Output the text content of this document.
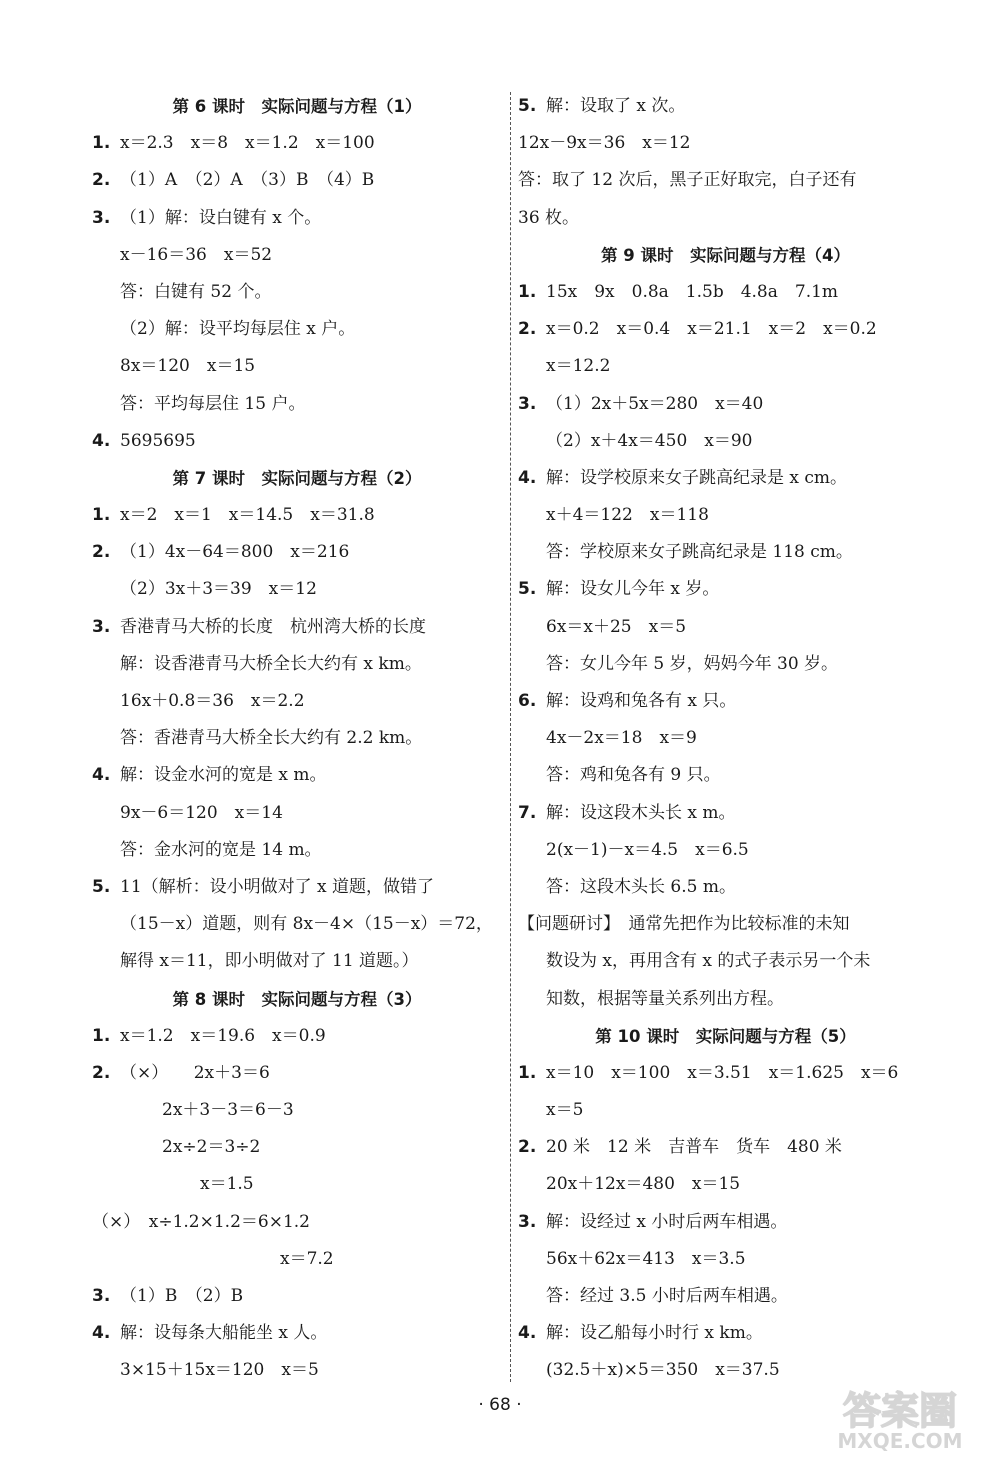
第 6 课时　实际问题与方程（1）
1. x＝2.3　x＝8　x＝1.2　x＝100
2. （1）A　（2）A　（3）B　（4）B
3. （1）解：设白键有 x 个。
x－16＝36　x＝52
答：白键有 52 个。
（2）解：设平均每层住 x 户。
8x＝120　x＝15
答：平均每层住 15 户。
4. 5695695
第 7 课时　实际问题与方程（2）
1. x＝2　x＝1　x＝14.5　x＝31.8
2. （1）4x－64＝800　x＝216
（2）3x＋3＝39　x＝12
3. 香港青马大桥的长度　杭州湾大桥的长度
解：设香港青马大桥全长大约有 x km。
16x＋0.8＝36　x＝2.2
答：香港青马大桥全长大约有 2.2 km。
4. 解：设金水河的宽是 x m。
9x－6＝120　x＝14
答：金水河的宽是 14 m。
5. 11（解析：设小明做对了 x 道题，做错了
（15－x）道题，则有 8x－4×（15－x）＝72，
解得 x＝11，即小明做对了 11 道题。）
第 8 课时　实际问题与方程（3）
1. x＝1.2　x＝19.6　x＝0.9
2. （×）　　2x＋3＝6
2x＋3－3＝6－3
2x÷2＝3÷2
x＝1.5
（×）　x÷1.2×1.2＝6×1.2
x＝7.2
3. （1）B　（2）B
4. 解：设每条大船能坐 x 人。
3×15＋15x＝120　x＝5
5. 解：设取了 x 次。
12x－9x＝36　x＝12
答：取了 12 次后，黑子正好取完，白子还有
36 枚。
第 9 课时　实际问题与方程（4）
1. 15x　9x　0.8a　1.5b　4.8a　7.1m
2. x＝0.2　x＝0.4　x＝21.1　x＝2　x＝0.2
x＝12.2
3. （1）2x＋5x＝280　x＝40
（2）x＋4x＝450　x＝90
4. 解：设学校原来女子跳高纪录是 x cm。
x＋4＝122　x＝118
答：学校原来女子跳高纪录是 118 cm。
5. 解：设女儿今年 x 岁。
6x＝x＋25　x＝5
答：女儿今年 5 岁，妈妈今年 30 岁。
6. 解：设鸡和兔各有 x 只。
4x－2x＝18　x＝9
答：鸡和兔各有 9 只。
7. 解：设这段木头长 x m。
2(x－1)－x＝4.5　x＝6.5
答：这段木头长 6.5 m。
【问题研讨】　通常先把作为比较标准的未知
数设为 x，再用含有 x 的式子表示另一个未
知数，根据等量关系列出方程。
第 10 课时　实际问题与方程（5）
1. x＝10　x＝100　x＝3.51　x＝1.625　x＝6
x＝5
2. 20 米　12 米　吉普车　货车　480 米
20x＋12x＝480　x＝15
3. 解：设经过 x 小时后两车相遇。
56x＋62x＝413　x＝3.5
答：经过 3.5 小时后两车相遇。
4. 解：设乙船每小时行 x km。
(32.5＋x)×5＝350　x＝37.5
· 68 ·	答案圈
MXQE.COM
